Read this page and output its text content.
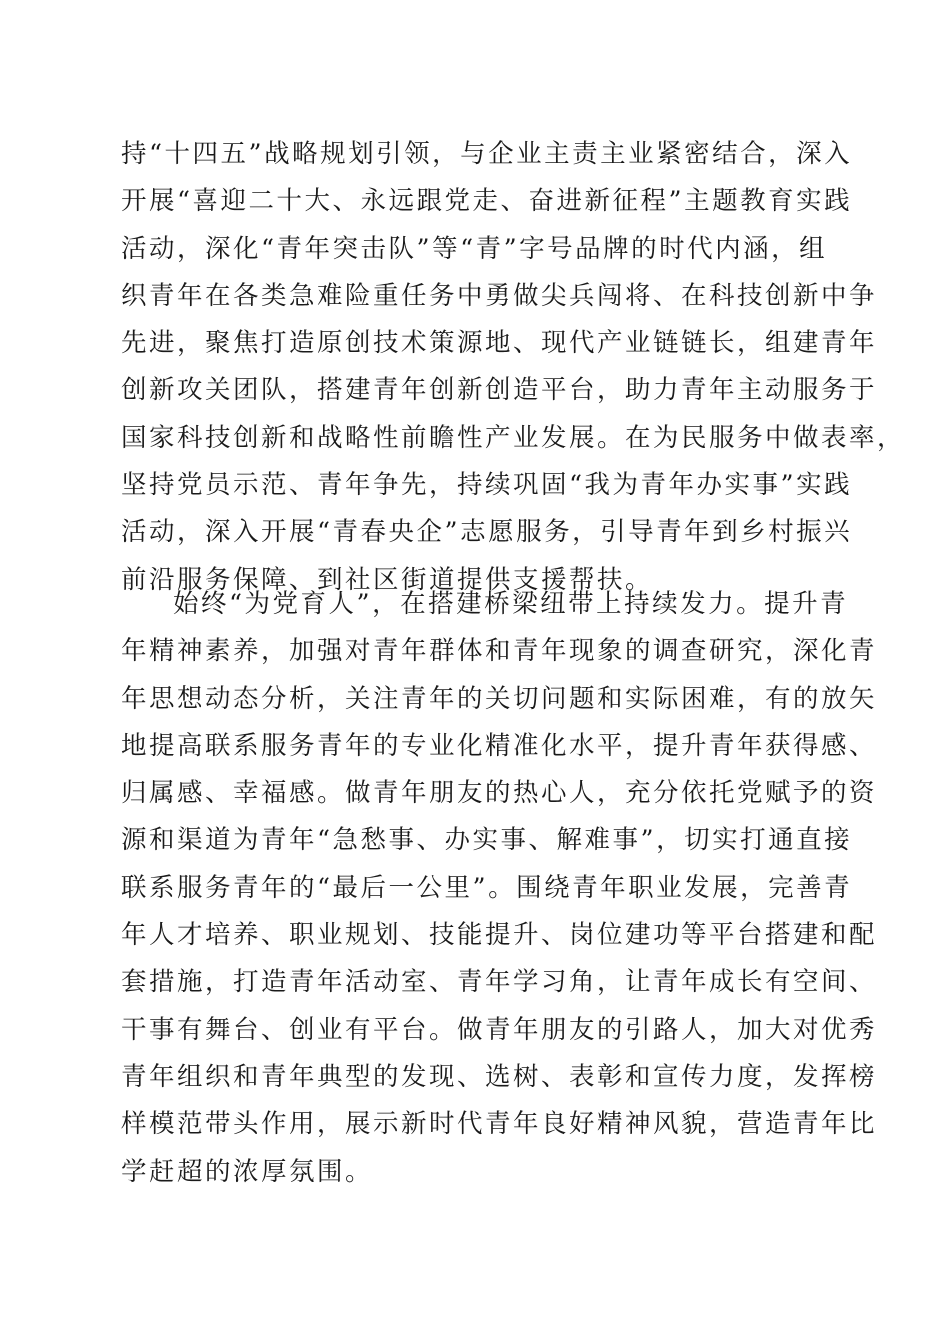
持“十四五”战略规划引领，与企业主责主业紧密结合，深入
开展“喜迎二十大、永远跟党走、奋进新征程”主题教育实践
活动，深化“青年突击队”等“青”字号品牌的时代内涵，组
织青年在各类急难险重任务中勇做尖兵闯将、在科技创新中争
先进，聚焦打造原创技术策源地、现代产业链链长，组建青年
创新攻关团队，搭建青年创新创造平台，助力青年主动服务于
国家科技创新和战略性前瞻性产业发展。在为民服务中做表率，
坚持党员示范、青年争先，持续巩固“我为青年办实事”实践
活动，深入开展“青春央企”志愿服务，引导青年到乡村振兴
前沿服务保障、到社区街道提供支援帮扶。
始终“为党育人”，在搭建桥梁纽带上持续发力。提升青
年精神素养，加强对青年群体和青年现象的调查研究，深化青
年思想动态分析，关注青年的关切问题和实际困难，有的放矢
地提高联系服务青年的专业化精准化水平，提升青年获得感、
归属感、幸福感。做青年朋友的热心人，充分依托党赋予的资
源和渠道为青年“急愁事、办实事、解难事”，切实打通直接
联系服务青年的“最后一公里”。围绕青年职业发展，完善青
年人才培养、职业规划、技能提升、岗位建功等平台搭建和配
套措施，打造青年活动室、青年学习角，让青年成长有空间、
干事有舞台、创业有平台。做青年朋友的引路人，加大对优秀
青年组织和青年典型的发现、选树、表彰和宣传力度，发挥榜
样模范带头作用，展示新时代青年良好精神风貌，营造青年比
学赶超的浓厚氛围。
